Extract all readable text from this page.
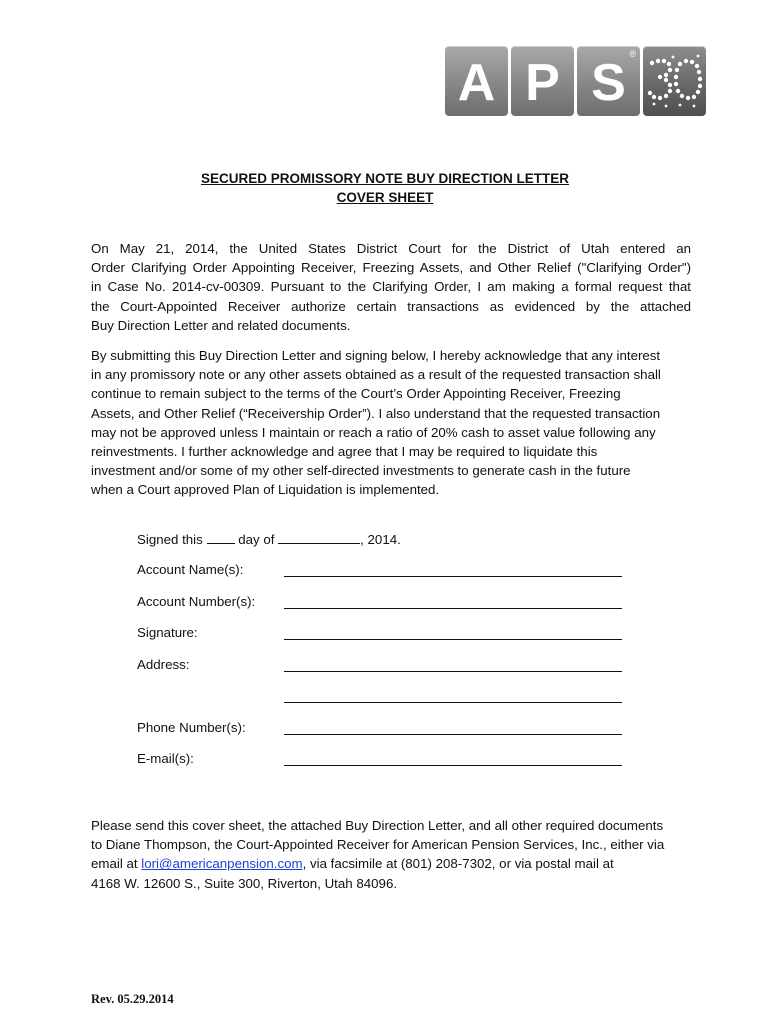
A P S ®
SECURED PROMISSORY NOTE BUY DIRECTION LETTER
COVER SHEET
On May 21, 2014, the United States District Court for the District of Utah entered an
Order Clarifying Order Appointing Receiver, Freezing Assets, and Other Relief ("Clarifying Order")
in Case No. 2014-cv-00309. Pursuant to the Clarifying Order, I am making a formal request that
the Court-Appointed Receiver authorize certain transactions as evidenced by the attached
Buy Direction Letter and related documents.
By submitting this Buy Direction Letter and signing below, I hereby acknowledge that any interest
in any promissory note or any other assets obtained as a result of the requested transaction shall
continue to remain subject to the terms of the Court’s Order Appointing Receiver, Freezing
Assets, and Other Relief (“Receivership Order”). I also understand that the requested transaction
may not be approved unless I maintain or reach a ratio of 20% cash to asset value following any
reinvestments. I further acknowledge and agree that I may be required to liquidate this
investment and/or some of my other self-directed investments to generate cash in the future
when a Court approved Plan of Liquidation is implemented.
Signed this	day of	, 2014.
Account Name(s):
Account Number(s):
Signature:
Address:
Phone Number(s):
E-mail(s):
Please send this cover sheet, the attached Buy Direction Letter, and all other required documents
to Diane Thompson, the Court-Appointed Receiver for American Pension Services, Inc., either via
email at lori@americanpension.com, via facsimile at (801) 208-7302, or via postal mail at
4168 W. 12600 S., Suite 300, Riverton, Utah 84096.
Rev. 05.29.2014
